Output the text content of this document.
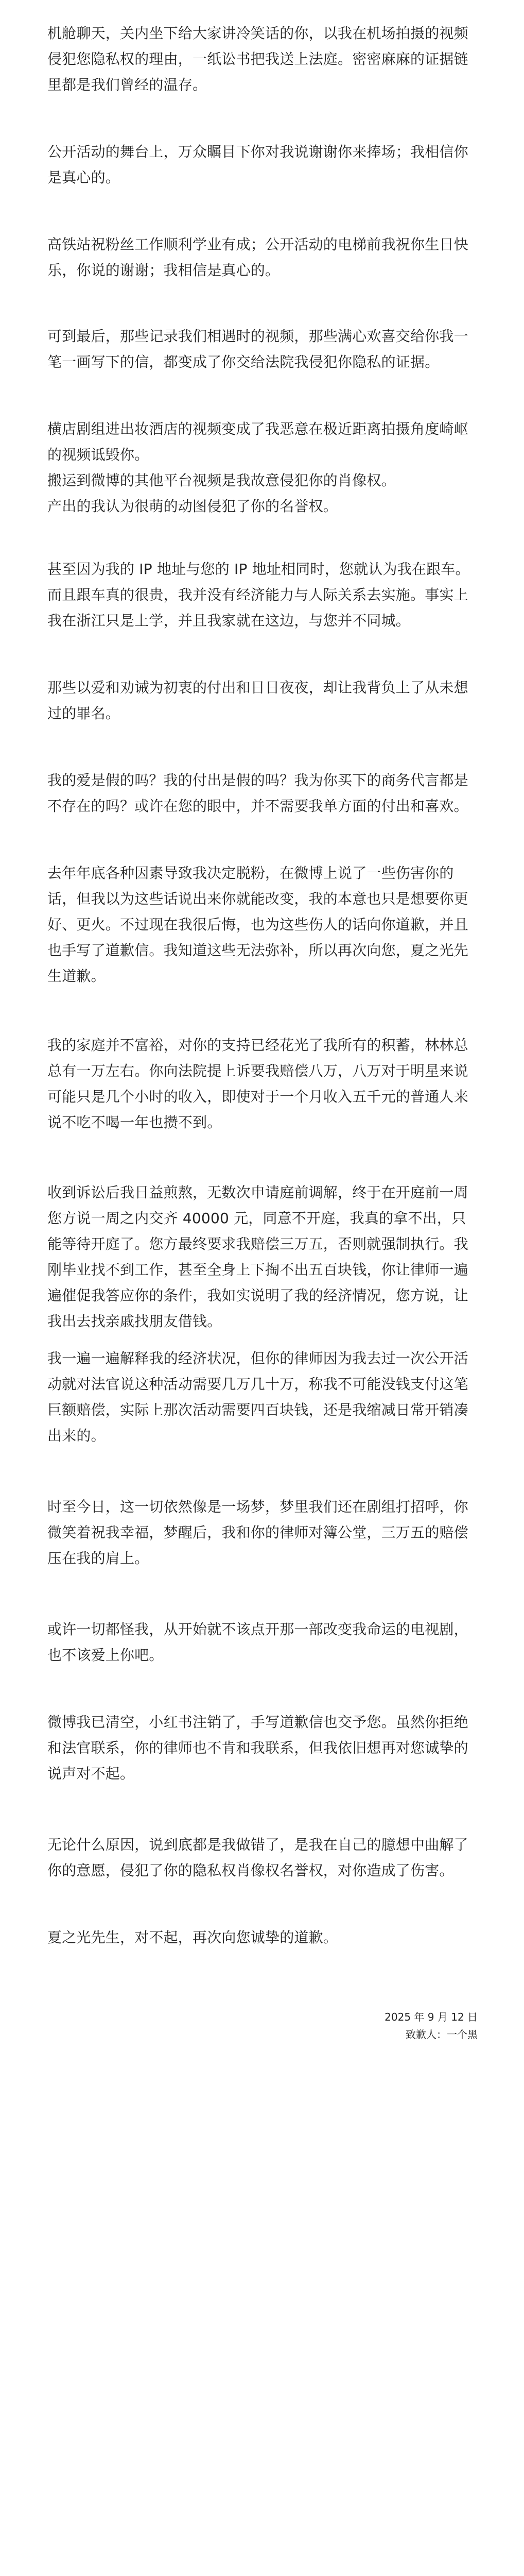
机舱聊天，关内坐下给大家讲冷笑话的你，以我在机场拍摄的视频侵犯您隐私权的理由，一纸讼书把我送上法庭。密密麻麻的证据链里都是我们曾经的温存。

公开活动的舞台上，万众瞩目下你对我说谢谢你来捧场；我相信你是真心的。

高铁站祝粉丝工作顺利学业有成；公开活动的电梯前我祝你生日快乐，你说的谢谢；我相信是真心的。

可到最后，那些记录我们相遇时的视频，那些满心欢喜交给你我一笔一画写下的信，都变成了你交给法院我侵犯你隐私的证据。

横店剧组进出妆酒店的视频变成了我恶意在极近距离拍摄角度崎岖的视频诋毁你。

搬运到微博的其他平台视频是我故意侵犯你的肖像权。

产出的我认为很萌的动图侵犯了你的名誉权。

甚至因为我的 IP 地址与您的 IP 地址相同时，您就认为我在跟车。而且跟车真的很贵，我并没有经济能力与人际关系去实施。事实上我在浙江只是上学，并且我家就在这边，与您并不同城。

那些以爱和劝诫为初衷的付出和日日夜夜，却让我背负上了从未想过的罪名。

我的爱是假的吗？我的付出是假的吗？我为你买下的商务代言都是不存在的吗？或许在您的眼中，并不需要我单方面的付出和喜欢。

去年年底各种因素导致我决定脱粉，在微博上说了一些伤害你的话，但我以为这些话说出来你就能改变，我的本意也只是想要你更好、更火。不过现在我很后悔，也为这些伤人的话向你道歉，并且也手写了道歉信。我知道这些无法弥补，所以再次向您，夏之光先生道歉。

我的家庭并不富裕，对你的支持已经花光了我所有的积蓄，林林总总有一万左右。你向法院提上诉要我赔偿八万，八万对于明星来说可能只是几个小时的收入，即使对于一个月收入五千元的普通人来说不吃不喝一年也攒不到。

收到诉讼后我日益煎熬，无数次申请庭前调解，终于在开庭前一周您方说一周之内交齐 40000 元，同意不开庭，我真的拿不出，只能等待开庭了。您方最终要求我赔偿三万五，否则就强制执行。我刚毕业找不到工作，甚至全身上下掏不出五百块钱，你让律师一遍遍催促我答应你的条件，我如实说明了我的经济情况，您方说，让我出去找亲戚找朋友借钱。

我一遍一遍解释我的经济状况，但你的律师因为我去过一次公开活动就对法官说这种活动需要几万几十万，称我不可能没钱支付这笔巨额赔偿，实际上那次活动需要四百块钱，还是我缩减日常开销凑出来的。

时至今日，这一切依然像是一场梦，梦里我们还在剧组打招呼，你微笑着祝我幸福，梦醒后，我和你的律师对簿公堂，三万五的赔偿压在我的肩上。

或许一切都怪我，从开始就不该点开那一部改变我命运的电视剧，也不该爱上你吧。

微博我已清空，小红书注销了，手写道歉信也交予您。虽然你拒绝和法官联系，你的律师也不肯和我联系，但我依旧想再对您诚挚的说声对不起。

无论什么原因，说到底都是我做错了，是我在自己的臆想中曲解了你的意愿，侵犯了你的隐私权肖像权名誉权，对你造成了伤害。

夏之光先生，对不起，再次向您诚挚的道歉。

2025 年 9 月 12 日
致歉人：一个黑
